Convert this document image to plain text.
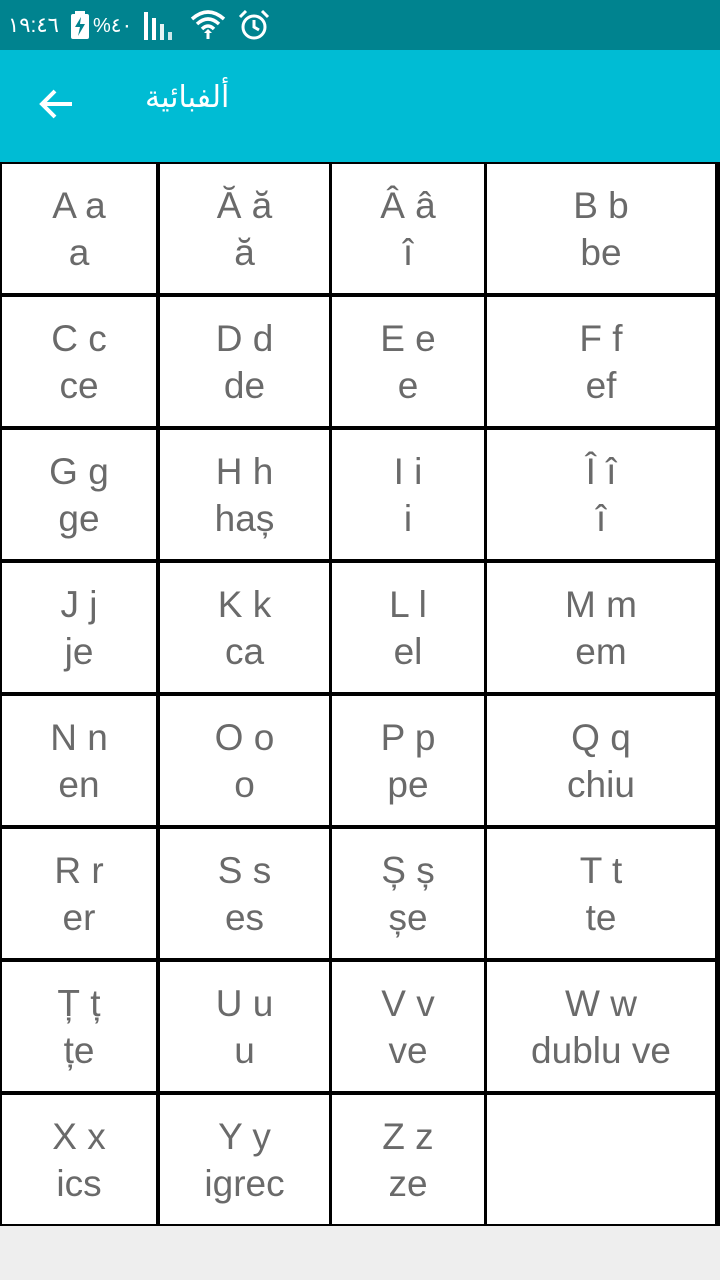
١٩:٤٦ %٤٠
ألفبائية
A a
a
Ă ă
ă
Â â
î
B b
be
C c
ce
D d
de
E e
e
F f
ef
G g
ge
H h
haș
I i
i
Î î
î
J j
je
K k
ca
L l
el
M m
em
N n
en
O o
o
P p
pe
Q q
chiu
R r
er
S s
es
Ș ș
șe
T t
te
Ț ț
țe
U u
u
V v
ve
W w
dublu ve
X x
ics
Y y
igrec
Z z
ze
